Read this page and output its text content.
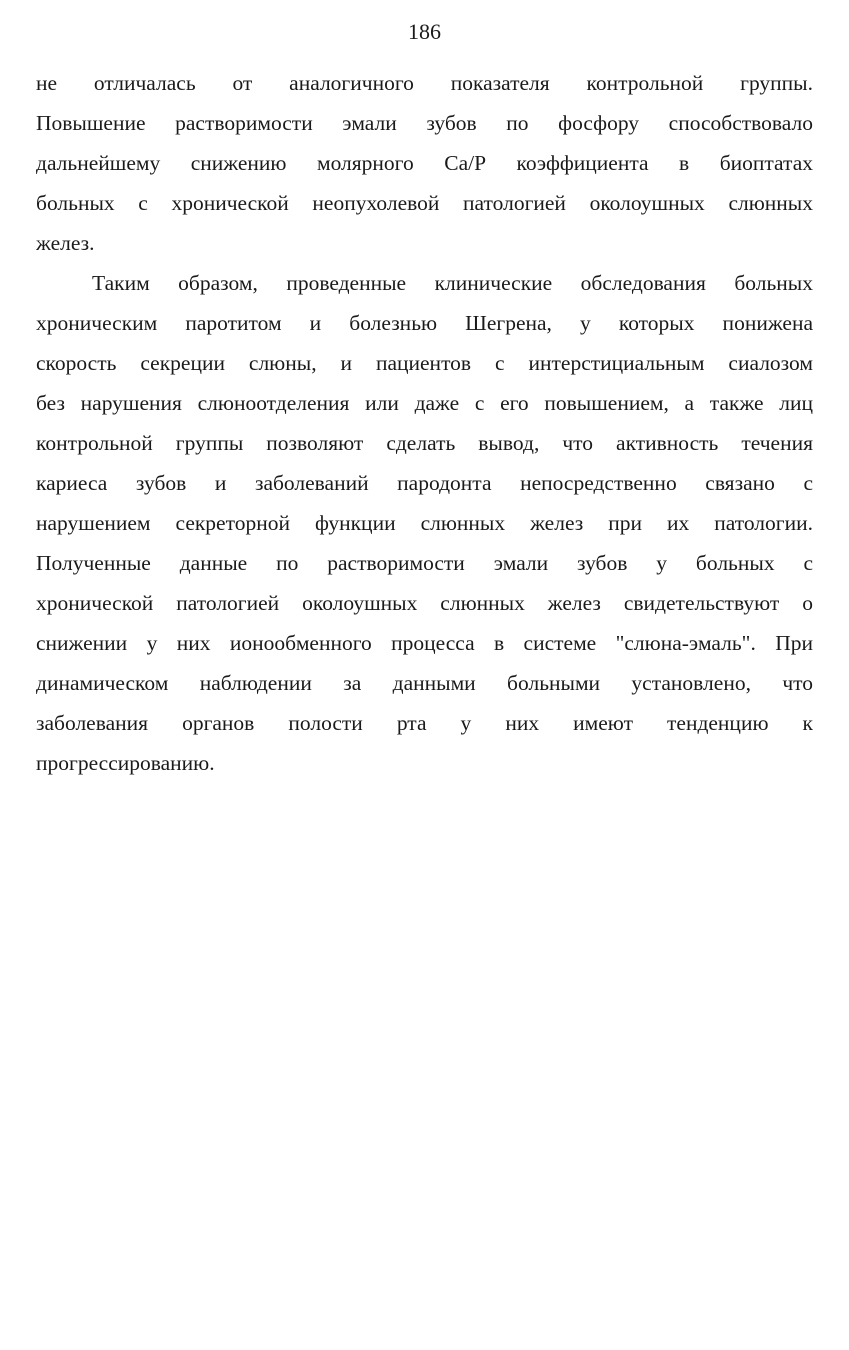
186
не отличалась от аналогичного показателя контрольной группы.
Повышение растворимости эмали зубов по фосфору способствовало
дальнейшему снижению молярного Са/Р коэффициента в биоптатах
больных с хронической неопухолевой патологией околоушных слюнных
желез.
Таким образом, проведенные клинические обследования больных
хроническим паротитом и болезнью Шегрена, у которых понижена
скорость секреции слюны, и пациентов с интерстициальным сиалозом
без нарушения слюноотделения или даже с его повышением, а также лиц
контрольной группы позволяют сделать вывод, что активность течения
кариеса зубов и заболеваний пародонта непосредственно связано с
нарушением секреторной функции слюнных желез при их патологии.
Полученные данные по растворимости эмали зубов у больных с
хронической патологией околоушных слюнных желез свидетельствуют о
снижении у них ионообменного процесса в системе "слюна-эмаль". При
динамическом наблюдении за данными больными установлено, что
заболевания органов полости рта у них имеют тенденцию к
прогрессированию.
